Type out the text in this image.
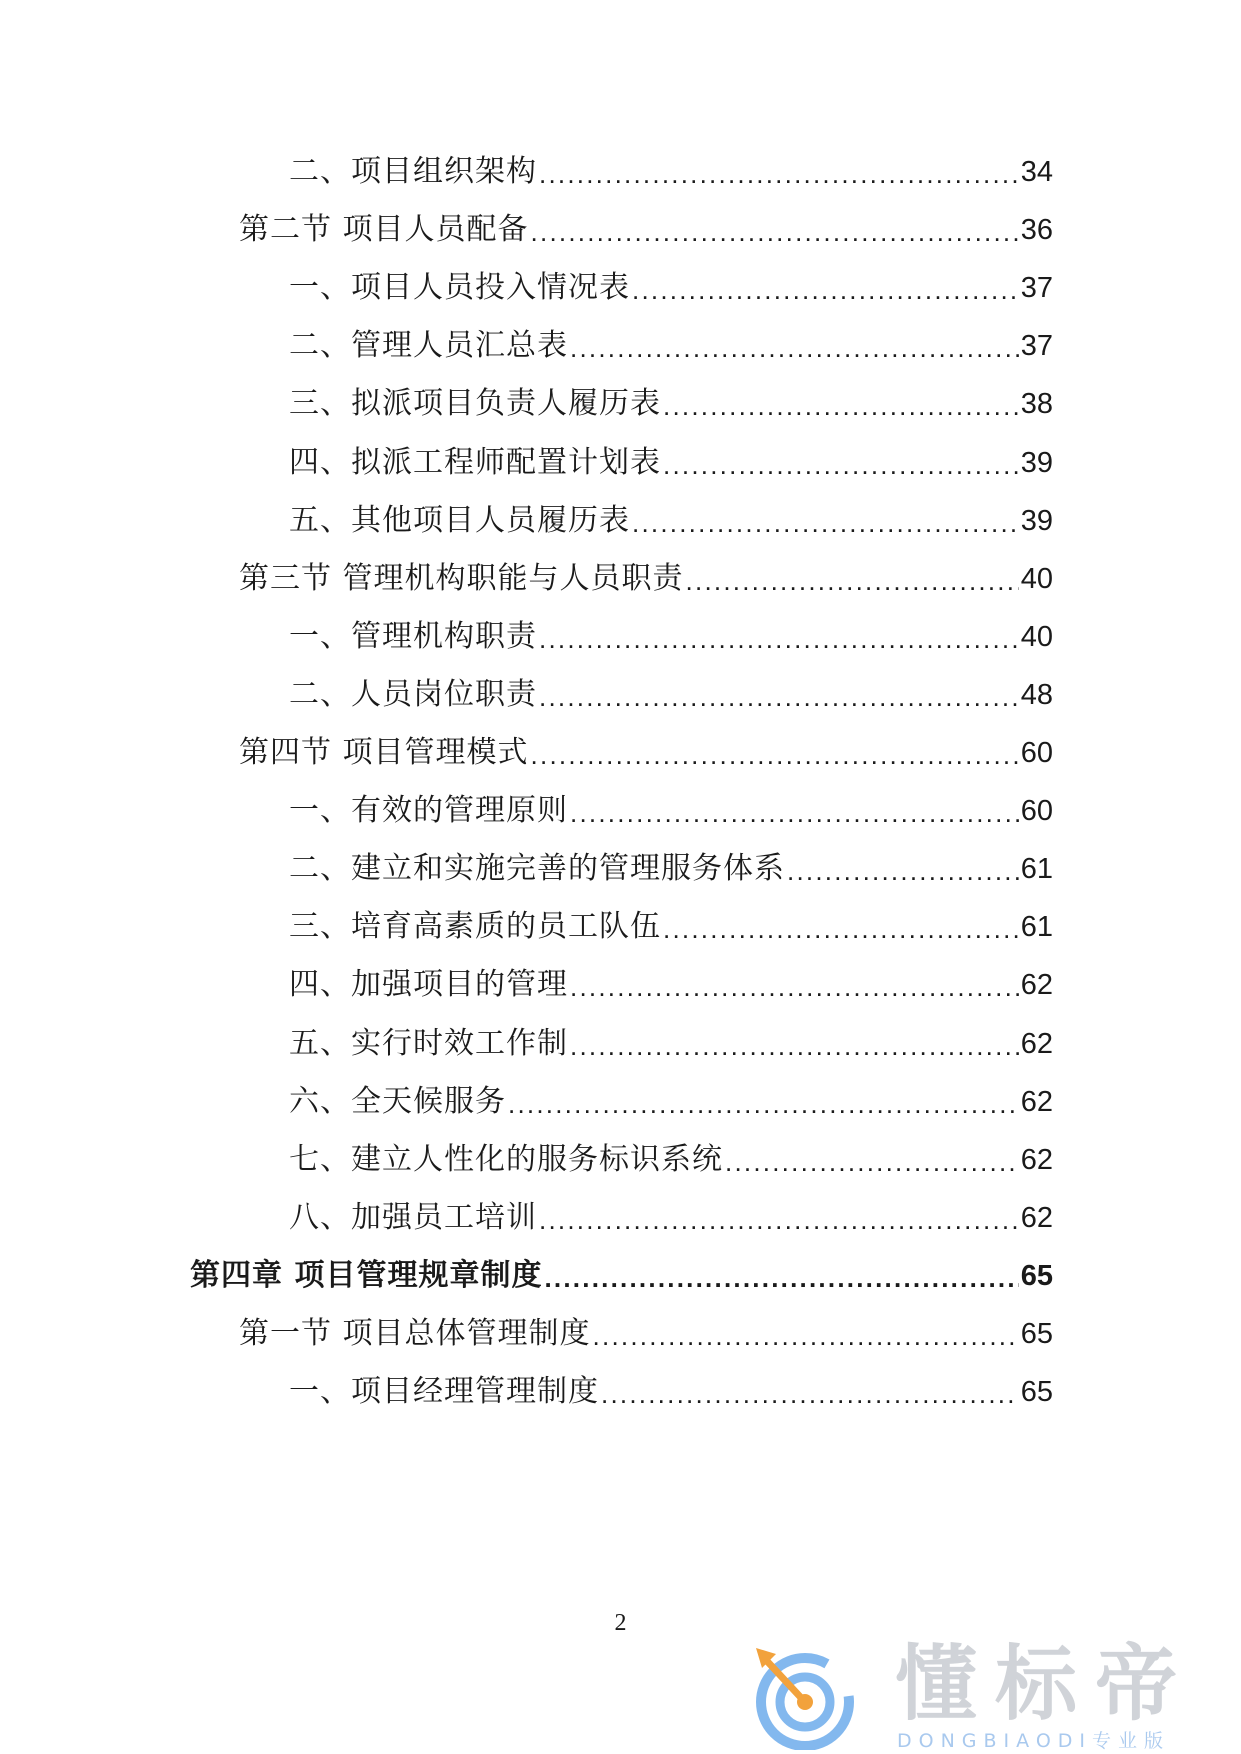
二、项目组织架构 . . .	34
第二节 项目人员配备 . . .	36
一、项目人员投入情况表 . . .	37
二、管理人员汇总表 . . .	37
三、拟派项目负责人履历表 . . .	38
四、拟派工程师配置计划表 . . .	39
五、其他项目人员履历表 . . .	39
第三节 管理机构职能与人员职责 . . .	40
一、管理机构职责 . . .	40
二、人员岗位职责 . . .	48
第四节 项目管理模式 . . .	60
一、有效的管理原则 . . .	60
二、建立和实施完善的管理服务体系 . . .	61
三、培育高素质的员工队伍 . . .	61
四、加强项目的管理 . . .	62
五、实行时效工作制 . . .	62
六、全天候服务 . . .	62
七、建立人性化的服务标识系统 . . .	62
八、加强员工培训 . . .	62
第四章 项目管理规章制度 . . .	65
第一节 项目总体管理制度 . . .	65
一、项目经理管理制度 . . .	65
2
懂标帝
DONGBIAODI专业版
